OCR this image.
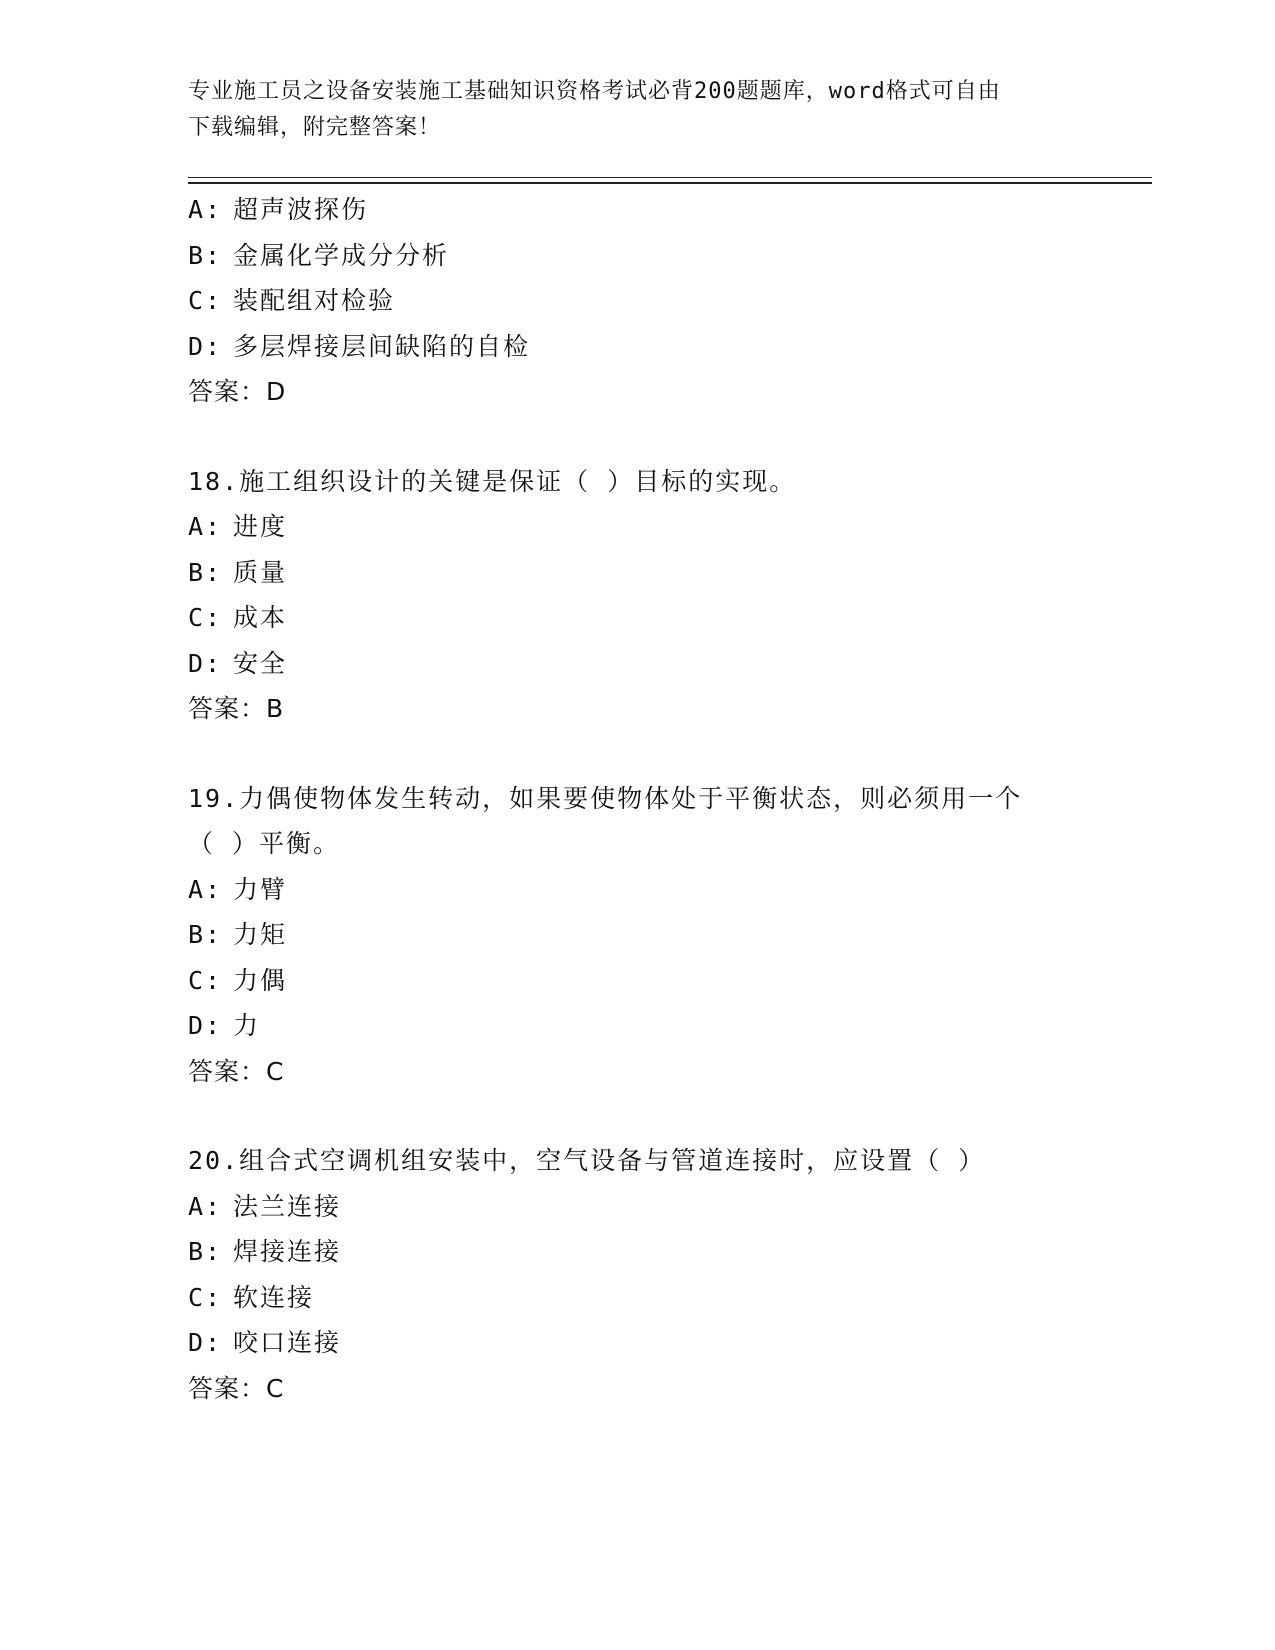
专业施工员之设备安装施工基础知识资格考试必背200题题库，word格式可自由
下载编辑，附完整答案！
A: 超声波探伤
B: 金属化学成分分析
C: 装配组对检验
D: 多层焊接层间缺陷的自检
答案：D
18.施工组织设计的关键是保证（ ）目标的实现。
A: 进度
B: 质量
C: 成本
D: 安全
答案：B
19.力偶使物体发生转动，如果要使物体处于平衡状态，则必须用一个
（ ）平衡。
A: 力臂
B: 力矩
C: 力偶
D: 力
答案：C
20.组合式空调机组安装中，空气设备与管道连接时，应设置（ ）
A: 法兰连接
B: 焊接连接
C: 软连接
D: 咬口连接
答案：C
